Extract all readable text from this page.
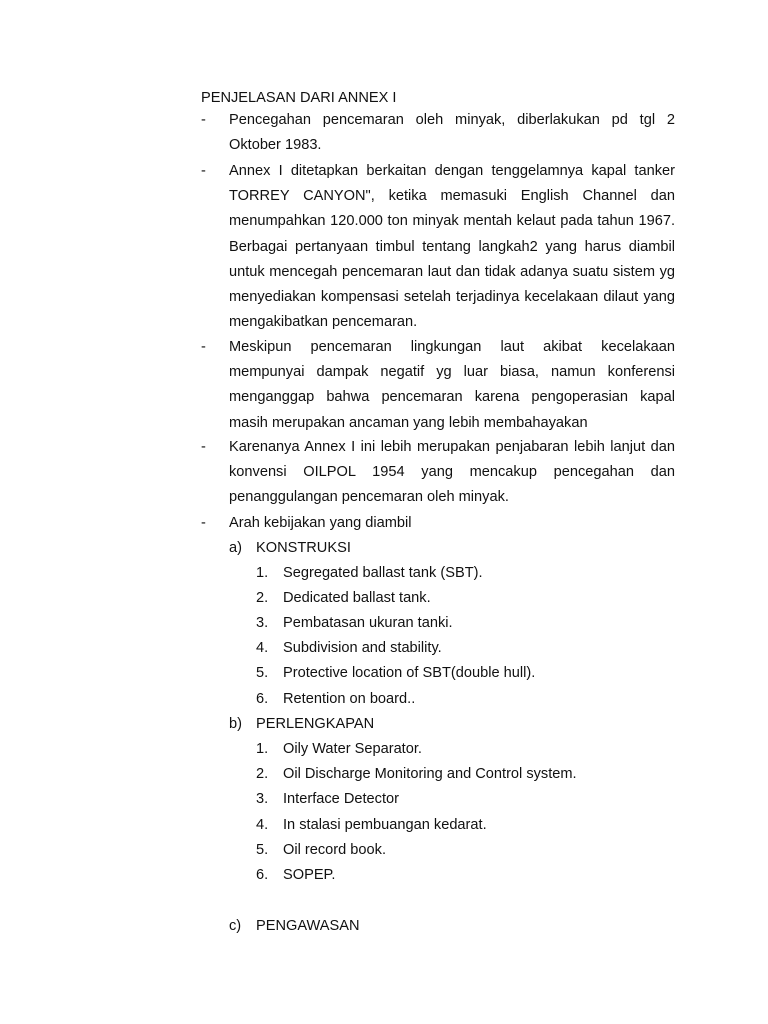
PENJELASAN DARI ANNEX I
- Pencegahan pencemaran oleh minyak, diberlakukan pd tgl 2 Oktober 1983.
- Annex I ditetapkan berkaitan dengan tenggelamnya kapal tanker TORREY CANYON", ketika memasuki English Channel dan menumpahkan 120.000 ton minyak mentah kelaut pada tahun 1967. Berbagai pertanyaan timbul tentang langkah2 yang harus diambil untuk mencegah pencemaran laut dan tidak adanya suatu sistem yg menyediakan kompensasi setelah terjadinya kecelakaan dilaut yang mengakibatkan pencemaran.
- Meskipun pencemaran lingkungan laut akibat kecelakaan mempunyai dampak negatif yg luar biasa, namun konferensi menganggap bahwa pencemaran karena pengoperasian kapal masih merupakan ancaman yang lebih membahayakan
- Karenanya Annex I ini lebih merupakan penjabaran lebih lanjut dan konvensi OILPOL 1954 yang mencakup pencegahan dan penanggulangan pencemaran oleh minyak.
- Arah kebijakan yang diambil
a) KONSTRUKSI
1. Segregated ballast tank (SBT).
2. Dedicated ballast tank.
3. Pembatasan ukuran tanki.
4. Subdivision and stability.
5. Protective location of SBT(double hull).
6. Retention on board..
b) PERLENGKAPAN
1. Oily Water Separator.
2. Oil Discharge Monitoring and Control system.
3. Interface Detector
4. In stalasi pembuangan kedarat.
5. Oil record book.
6. SOPEP.
c) PENGAWASAN
